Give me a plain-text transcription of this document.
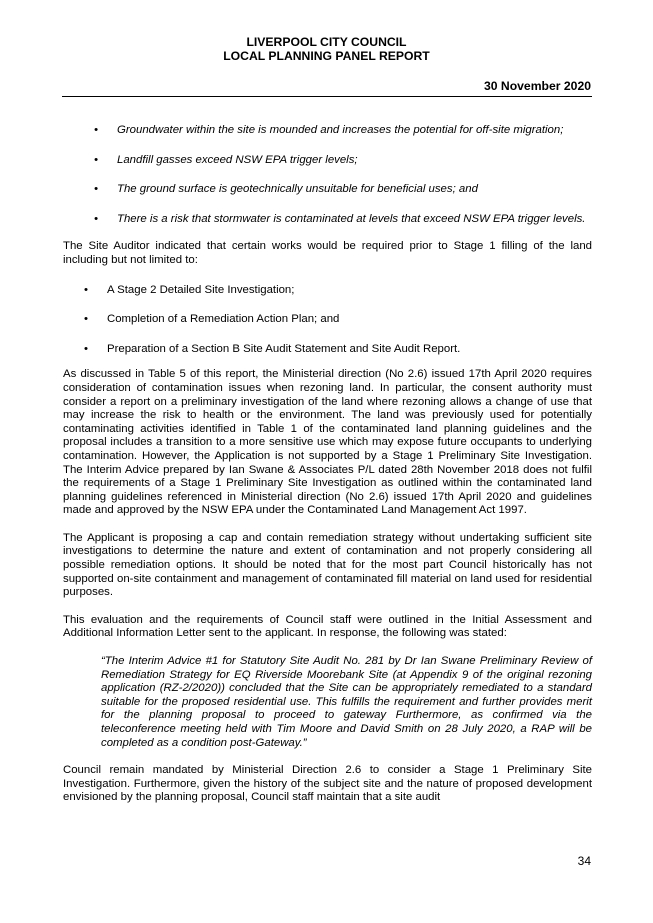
LIVERPOOL CITY COUNCIL
LOCAL PLANNING PANEL REPORT
30 November 2020
• Groundwater within the site is mounded and increases the potential for off-site migration;
• Landfill gasses exceed NSW EPA trigger levels;
• The ground surface is geotechnically unsuitable for beneficial uses; and
• There is a risk that stormwater is contaminated at levels that exceed NSW EPA trigger levels.

The Site Auditor indicated that certain works would be required prior to Stage 1 filling of the land including but not limited to:

• A Stage 2 Detailed Site Investigation;
• Completion of a Remediation Action Plan; and
• Preparation of a Section B Site Audit Statement and Site Audit Report.

As discussed in Table 5 of this report, the Ministerial direction (No 2.6) issued 17th April 2020 requires consideration of contamination issues when rezoning land. In particular, the consent authority must consider a report on a preliminary investigation of the land where rezoning allows a change of use that may increase the risk to health or the environment. The land was previously used for potentially contaminating activities identified in Table 1 of the contaminated land planning guidelines and the proposal includes a transition to a more sensitive use which may expose future occupants to underlying contamination. However, the Application is not supported by a Stage 1 Preliminary Site Investigation. The Interim Advice prepared by Ian Swane & Associates P/L dated 28th November 2018 does not fulfil the requirements of a Stage 1 Preliminary Site Investigation as outlined within the contaminated land planning guidelines referenced in Ministerial direction (No 2.6) issued 17th April 2020 and guidelines made and approved by the NSW EPA under the Contaminated Land Management Act 1997.

The Applicant is proposing a cap and contain remediation strategy without undertaking sufficient site investigations to determine the nature and extent of contamination and not properly considering all possible remediation options. It should be noted that for the most part Council historically has not supported on-site containment and management of contaminated fill material on land used for residential purposes.

This evaluation and the requirements of Council staff were outlined in the Initial Assessment and Additional Information Letter sent to the applicant. In response, the following was stated:

“The Interim Advice #1 for Statutory Site Audit No. 281 by Dr Ian Swane Preliminary Review of Remediation Strategy for EQ Riverside Moorebank Site (at Appendix 9 of the original rezoning application (RZ-2/2020)) concluded that the Site can be appropriately remediated to a standard suitable for the proposed residential use. This fulfills the requirement and further provides merit for the planning proposal to proceed to gateway Furthermore, as confirmed via the teleconference meeting held with Tim Moore and David Smith on 28 July 2020, a RAP will be completed as a condition post-Gateway.”

Council remain mandated by Ministerial Direction 2.6 to consider a Stage 1 Preliminary Site Investigation. Furthermore, given the history of the subject site and the nature of proposed development envisioned by the planning proposal, Council staff maintain that a site audit

34
